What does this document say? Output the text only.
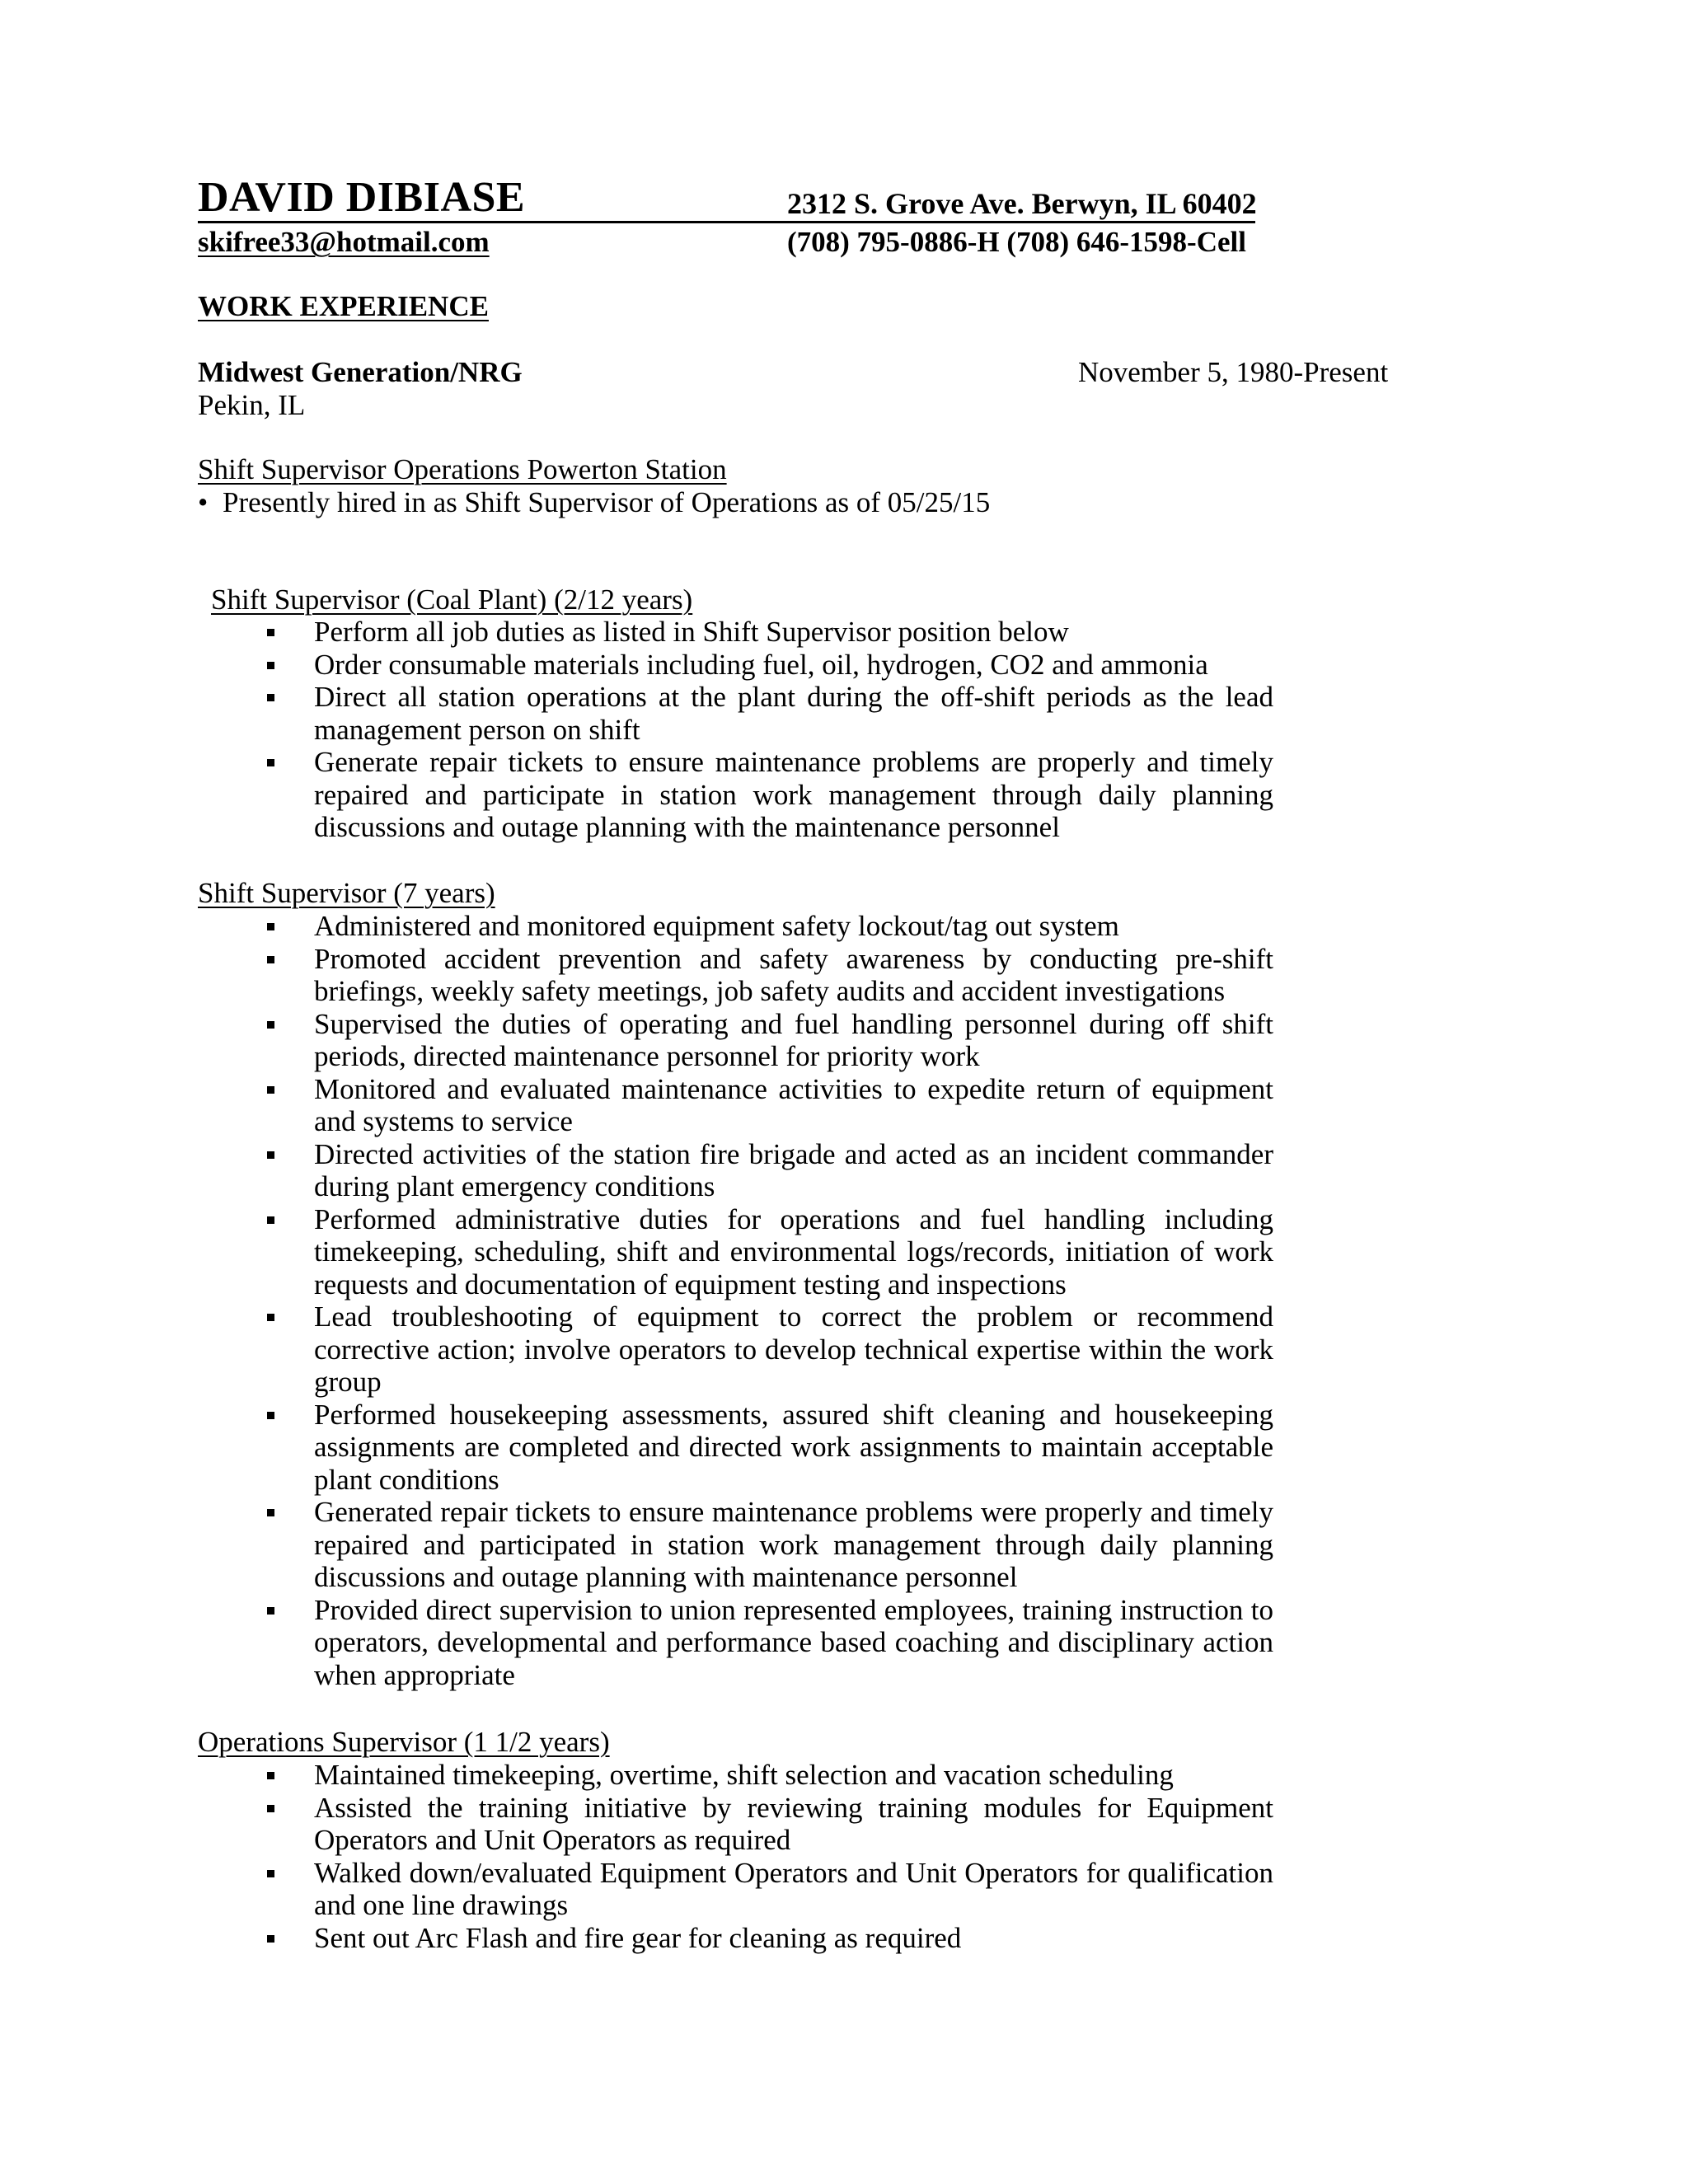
DAVID DIBIASE	2312 S. Grove Ave. Berwyn, IL 60402
skifree33@hotmail.com	(708) 795-0886-H (708) 646-1598-Cell
WORK EXPERIENCE
Midwest Generation/NRG	November 5, 1980-Present
Pekin, IL
Shift Supervisor Operations Powerton Station
• Presently hired in as Shift Supervisor of Operations as of 05/25/15
Shift Supervisor (Coal Plant) (2/12 years)
Perform all job duties as listed in Shift Supervisor position below
Order consumable materials including fuel, oil, hydrogen, CO2 and ammonia
Direct all station operations at the plant during the off-shift periods as the lead management person on shift
Generate repair tickets to ensure maintenance problems are properly and timely repaired and participate in station work management through daily planning discussions and outage planning with the maintenance personnel
Shift Supervisor (7 years)
Administered and monitored equipment safety lockout/tag out system
Promoted accident prevention and safety awareness by conducting pre-shift briefings, weekly safety meetings, job safety audits and accident investigations
Supervised the duties of operating and fuel handling personnel during off shift periods, directed maintenance personnel for priority work
Monitored and evaluated maintenance activities to expedite return of equipment and systems to service
Directed activities of the station fire brigade and acted as an incident commander during plant emergency conditions
Performed administrative duties for operations and fuel handling including timekeeping, scheduling, shift and environmental logs/records, initiation of work requests and documentation of equipment testing and inspections
Lead troubleshooting of equipment to correct the problem or recommend corrective action; involve operators to develop technical expertise within the work group
Performed housekeeping assessments, assured shift cleaning and housekeeping assignments are completed and directed work assignments to maintain acceptable plant conditions
Generated repair tickets to ensure maintenance problems were properly and timely repaired and participated in station work management through daily planning discussions and outage planning with maintenance personnel
Provided direct supervision to union represented employees, training instruction to operators, developmental and performance based coaching and disciplinary action when appropriate
Operations Supervisor (1 1/2 years)
Maintained timekeeping, overtime, shift selection and vacation scheduling
Assisted the training initiative by reviewing training modules for Equipment Operators and Unit Operators as required
Walked down/evaluated Equipment Operators and Unit Operators for qualification and one line drawings
Sent out Arc Flash and fire gear for cleaning as required
